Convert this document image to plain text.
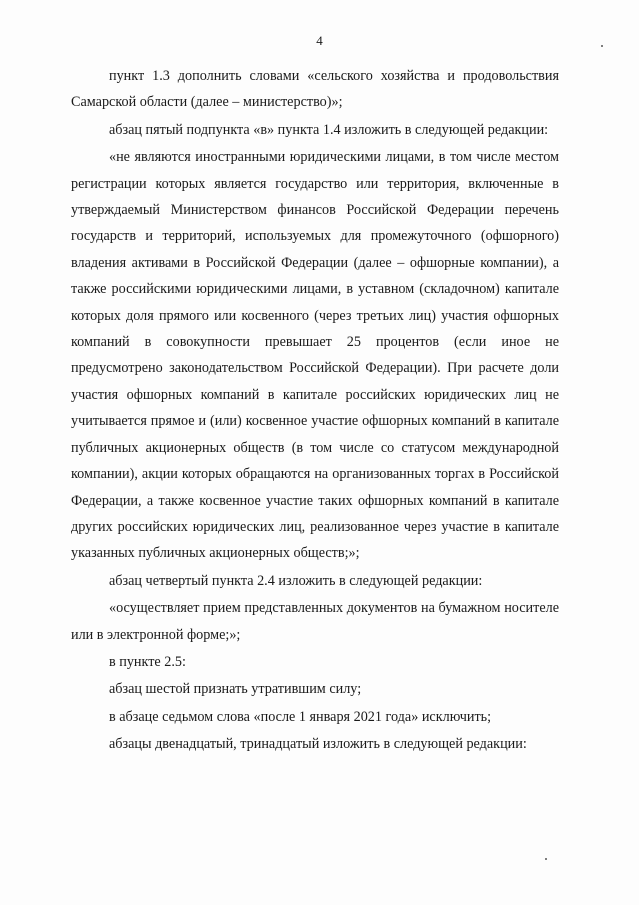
4

пункт 1.3 дополнить словами «сельского хозяйства и продовольствия Самарской области (далее – министерство)»;

абзац пятый подпункта «в» пункта 1.4 изложить в следующей редакции:

«не являются иностранными юридическими лицами, в том числе местом регистрации которых является государство или территория, включенные в утверждаемый Министерством финансов Российской Федерации перечень государств и территорий, используемых для промежуточного (офшорного) владения активами в Российской Федерации (далее – офшорные компании), а также российскими юридическими лицами, в уставном (складочном) капитале которых доля прямого или косвенного (через третьих лиц) участия офшорных компаний в совокупности превышает 25 процентов (если иное не предусмотрено законодательством Российской Федерации). При расчете доли участия офшорных компаний в капитале российских юридических лиц не учитывается прямое и (или) косвенное участие офшорных компаний в капитале публичных акционерных обществ (в том числе со статусом международной компании), акции которых обращаются на организованных торгах в Российской Федерации, а также косвенное участие таких офшорных компаний в капитале других российских юридических лиц, реализованное через участие в капитале указанных публичных акционерных обществ;»;

абзац четвертый пункта 2.4 изложить в следующей редакции:

«осуществляет прием представленных документов на бумажном носителе или в электронной форме;»;

в пункте 2.5:

абзац шестой признать утратившим силу;

в абзаце седьмом слова «после 1 января 2021 года» исключить;

абзацы двенадцатый, тринадцатый изложить в следующей редакции:
